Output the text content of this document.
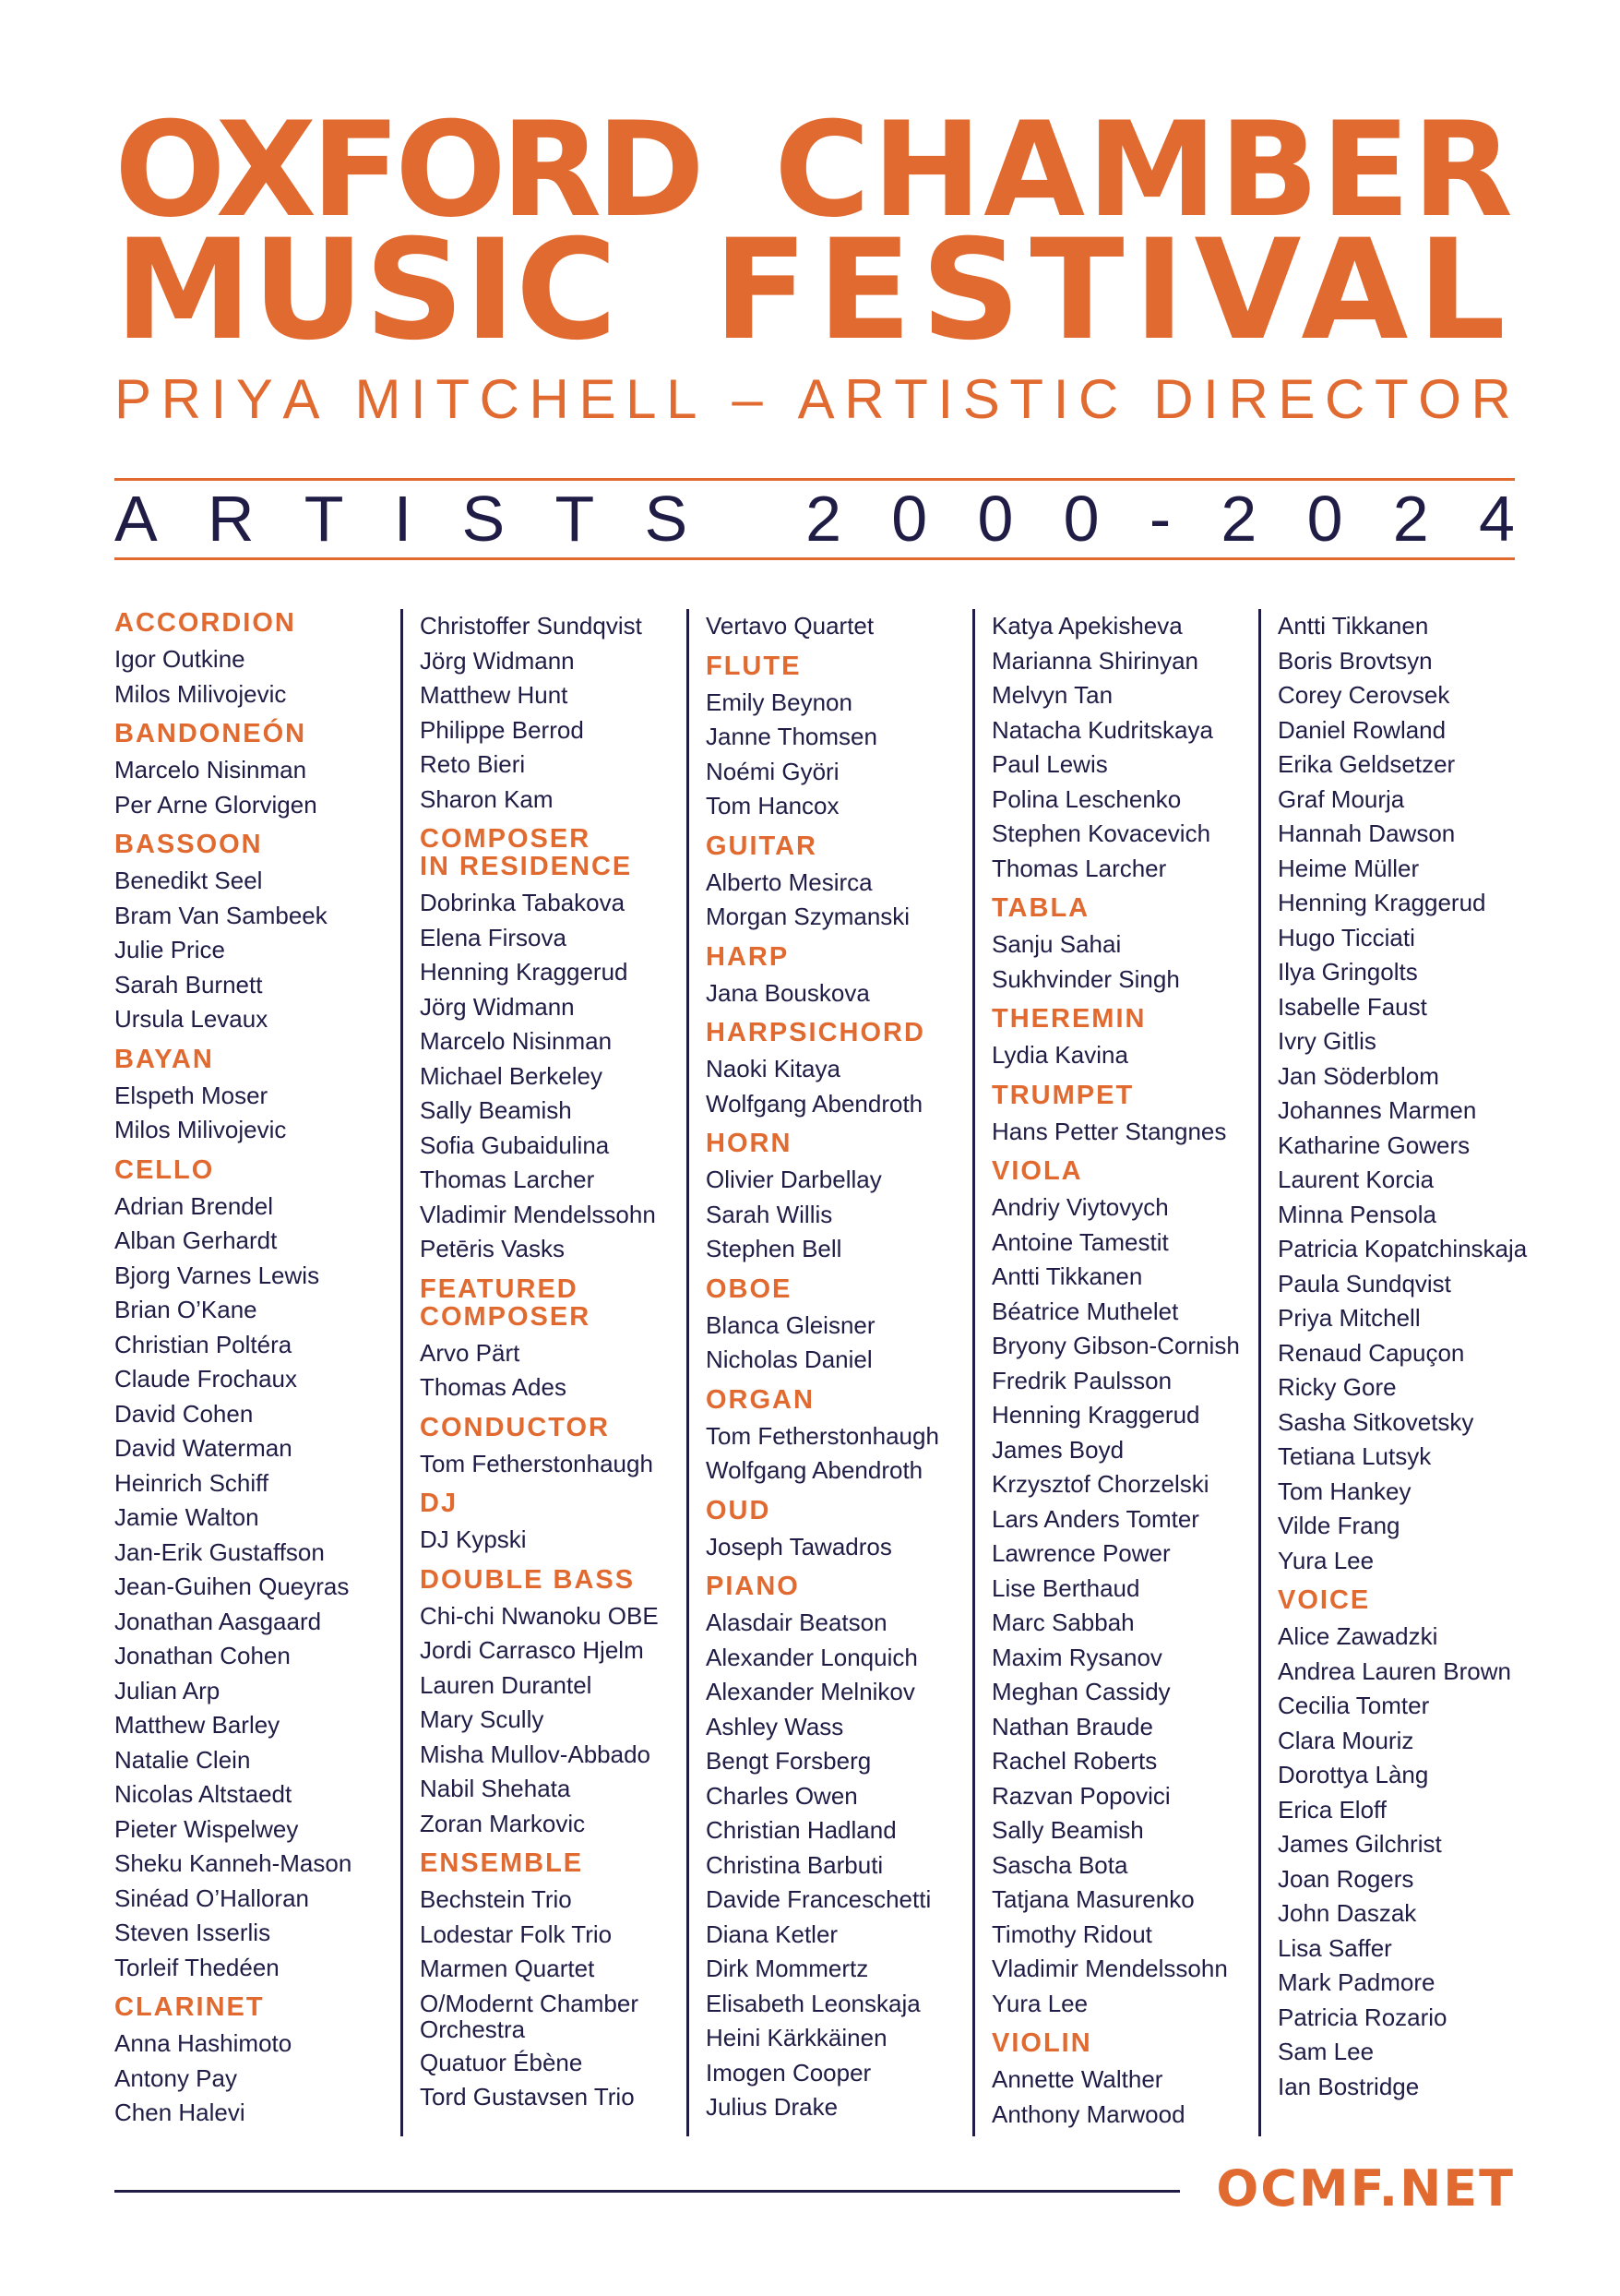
OXFORD CHAMBER
MUSIC FESTIVAL
P R I Y A
M I T C H E L L
–
A R T I S T I C
D I R E C T O R
A R T I S T S
2 0 0 0 - 2 0 2 4
ACCORDION
Igor Outkine
Milos Milivojevic
BANDONEÓN
Marcelo Nisinman
Per Arne Glorvigen
BASSOON
Benedikt Seel
Bram Van Sambeek
Julie Price
Sarah Burnett
Ursula Levaux
BAYAN
Elspeth Moser
Milos Milivojevic
CELLO
Adrian Brendel
Alban Gerhardt
Bjorg Varnes Lewis
Brian O’Kane
Christian Poltéra
Claude Frochaux
David Cohen
David Waterman
Heinrich Schiff
Jamie Walton
Jan-Erik Gustaffson
Jean-Guihen Queyras
Jonathan Aasgaard
Jonathan Cohen
Julian Arp
Matthew Barley
Natalie Clein
Nicolas Altstaedt
Pieter Wispelwey
Sheku Kanneh-Mason
Sinéad O’Halloran
Steven Isserlis
Torleif Thedéen
CLARINET
Anna Hashimoto
Antony Pay
Chen Halevi
Christoffer Sundqvist
Jörg Widmann
Matthew Hunt
Philippe Berrod
Reto Bieri
Sharon Kam
COMPOSER
IN RESIDENCE
Dobrinka Tabakova
Elena Firsova
Henning Kraggerud
Jörg Widmann
Marcelo Nisinman
Michael Berkeley
Sally Beamish
Sofia Gubaidulina
Thomas Larcher
Vladimir Mendelssohn
Petēris Vasks
FEATURED
COMPOSER
Arvo Pärt
Thomas Ades
CONDUCTOR
Tom Fetherstonhaugh
DJ
DJ Kypski
DOUBLE BASS
Chi-chi Nwanoku OBE
Jordi Carrasco Hjelm
Lauren Durantel
Mary Scully
Misha Mullov-Abbado
Nabil Shehata
Zoran Markovic
ENSEMBLE
Bechstein Trio
Lodestar Folk Trio
Marmen Quartet
O/Modernt Chamber
Orchestra
Quatuor Ébène
Tord Gustavsen Trio
Vertavo Quartet
FLUTE
Emily Beynon
Janne Thomsen
Noémi Györi
Tom Hancox
GUITAR
Alberto Mesirca
Morgan Szymanski
HARP
Jana Bouskova
HARPSICHORD
Naoki Kitaya
Wolfgang Abendroth
HORN
Olivier Darbellay
Sarah Willis
Stephen Bell
OBOE
Blanca Gleisner
Nicholas Daniel
ORGAN
Tom Fetherstonhaugh
Wolfgang Abendroth
OUD
Joseph Tawadros
PIANO
Alasdair Beatson
Alexander Lonquich
Alexander Melnikov
Ashley Wass
Bengt Forsberg
Charles Owen
Christian Hadland
Christina Barbuti
Davide Franceschetti
Diana Ketler
Dirk Mommertz
Elisabeth Leonskaja
Heini Kärkkäinen
Imogen Cooper
Julius Drake
Katya Apekisheva
Marianna Shirinyan
Melvyn Tan
Natacha Kudritskaya
Paul Lewis
Polina Leschenko
Stephen Kovacevich
Thomas Larcher
TABLA
Sanju Sahai
Sukhvinder Singh
THEREMIN
Lydia Kavina
TRUMPET
Hans Petter Stangnes
VIOLA
Andriy Viytovych
Antoine Tamestit
Antti Tikkanen
Béatrice Muthelet
Bryony Gibson-Cornish
Fredrik Paulsson
Henning Kraggerud
James Boyd
Krzysztof Chorzelski
Lars Anders Tomter
Lawrence Power
Lise Berthaud
Marc Sabbah
Maxim Rysanov
Meghan Cassidy
Nathan Braude
Rachel Roberts
Razvan Popovici
Sally Beamish
Sascha Bota
Tatjana Masurenko
Timothy Ridout
Vladimir Mendelssohn
Yura Lee
VIOLIN
Annette Walther
Anthony Marwood
Antti Tikkanen
Boris Brovtsyn
Corey Cerovsek
Daniel Rowland
Erika Geldsetzer
Graf Mourja
Hannah Dawson
Heime Müller
Henning Kraggerud
Hugo Ticciati
Ilya Gringolts
Isabelle Faust
Ivry Gitlis
Jan Söderblom
Johannes Marmen
Katharine Gowers
Laurent Korcia
Minna Pensola
Patricia Kopatchinskaja
Paula Sundqvist
Priya Mitchell
Renaud Capuçon
Ricky Gore
Sasha Sitkovetsky
Tetiana Lutsyk
Tom Hankey
Vilde Frang
Yura Lee
VOICE
Alice Zawadzki
Andrea Lauren Brown
Cecilia Tomter
Clara Mouriz
Dorottya Làng
Erica Eloff
James Gilchrist
Joan Rogers
John Daszak
Lisa Saffer
Mark Padmore
Patricia Rozario
Sam Lee
Ian Bostridge
OCMF.NET
